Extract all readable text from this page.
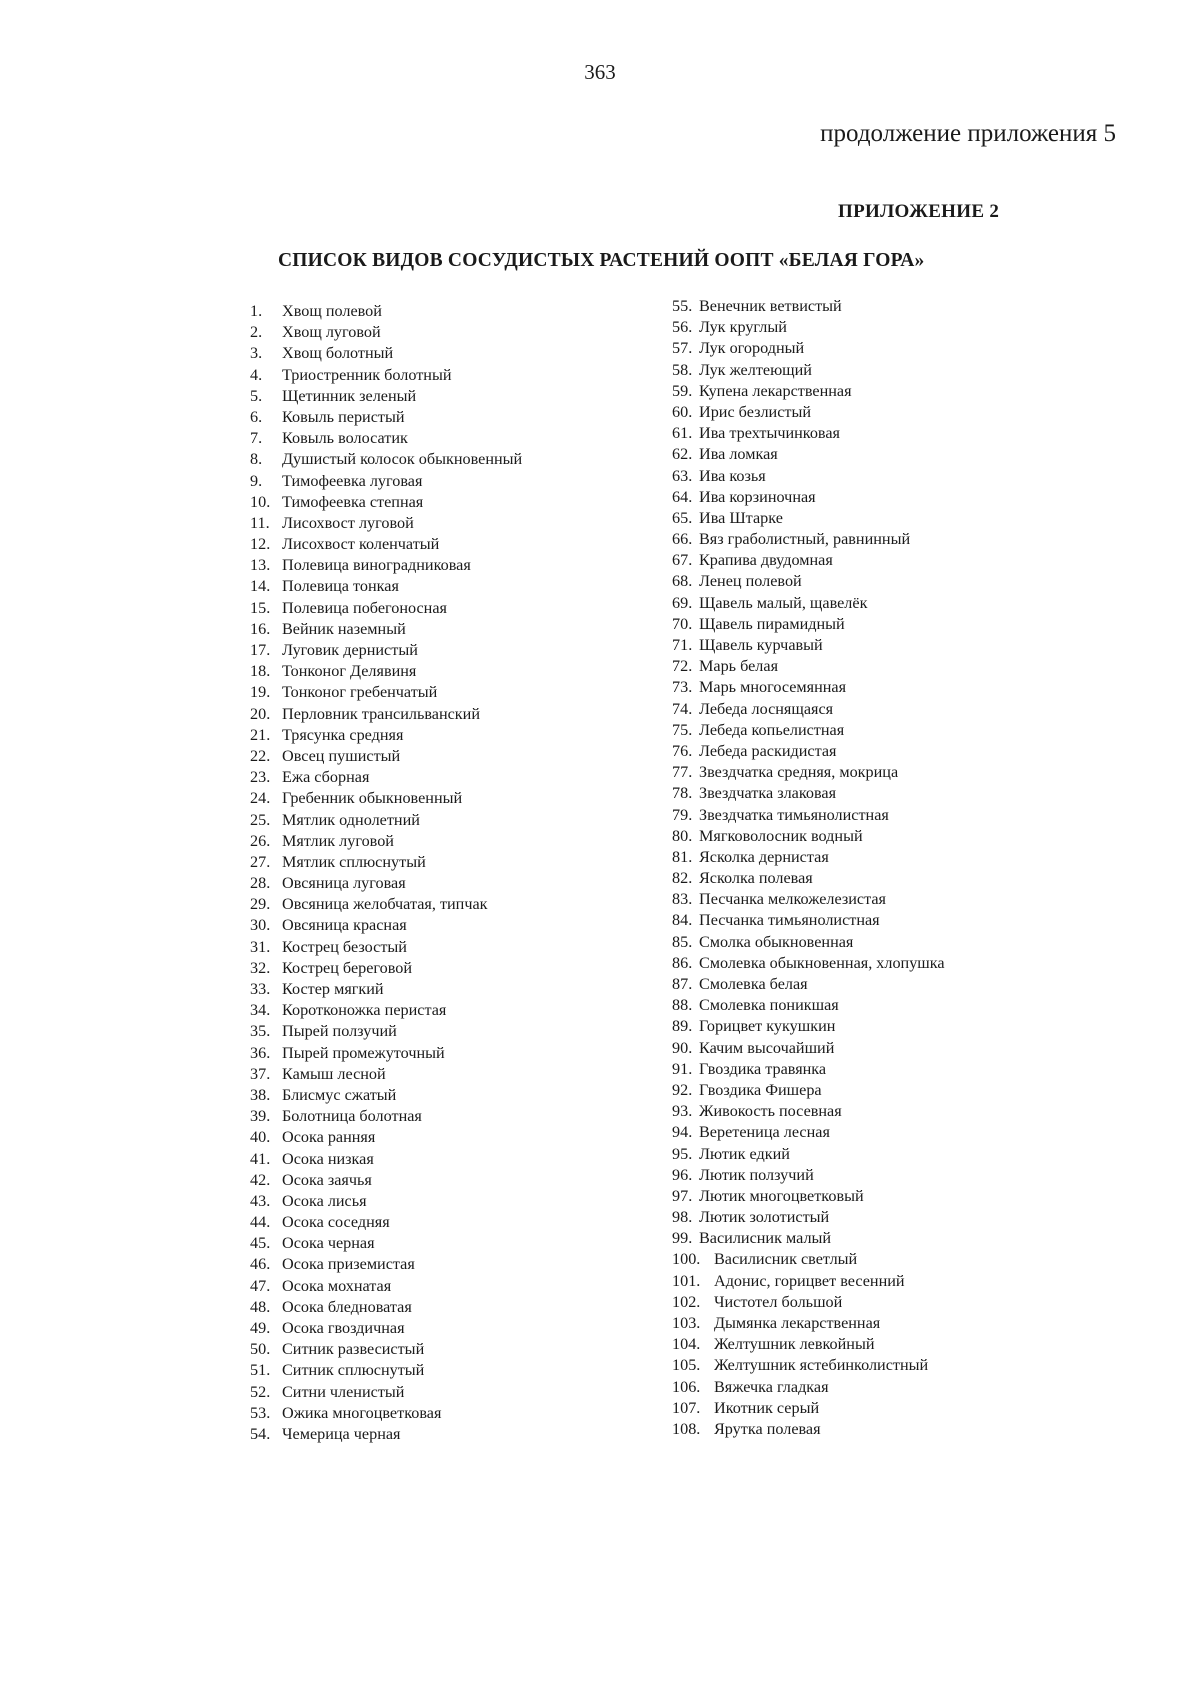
363
продолжение приложения 5
ПРИЛОЖЕНИЕ 2
СПИСОК ВИДОВ СОСУДИСТЫХ РАСТЕНИЙ ООПТ «БЕЛАЯ ГОРА»
1. Хвощ полевой
2. Хвощ луговой
3. Хвощ болотный
4. Триостренник болотный
5. Щетинник зеленый
6. Ковыль перистый
7. Ковыль волосатик
8. Душистый колосок обыкновенный
9. Тимофеевка луговая
10. Тимофеевка степная
11. Лисохвост луговой
12. Лисохвост коленчатый
13. Полевица виноградниковая
14. Полевица тонкая
15. Полевица побегоносная
16. Вейник наземный
17. Луговик дернистый
18. Тонконог Делявиня
19. Тонконог гребенчатый
20. Перловник трансильванский
21. Трясунка средняя
22. Овсец пушистый
23. Ежа сборная
24. Гребенник обыкновенный
25. Мятлик однолетний
26. Мятлик луговой
27. Мятлик сплюснутый
28. Овсяница луговая
29. Овсяница желобчатая, типчак
30. Овсяница красная
31. Кострец безостый
32. Кострец береговой
33. Костер мягкий
34. Коротконожка перистая
35. Пырей ползучий
36. Пырей промежуточный
37. Камыш лесной
38. Блисмус сжатый
39. Болотница болотная
40. Осока ранняя
41. Осока низкая
42. Осока заячья
43. Осока лисья
44. Осока соседняя
45. Осока черная
46. Осока приземистая
47. Осока мохнатая
48. Осока бледноватая
49. Осока гвоздичная
50. Ситник развесистый
51. Ситник сплюснутый
52. Ситни членистый
53. Ожика многоцветковая
54. Чемерица черная
55. Венечник ветвистый
56. Лук круглый
57. Лук огородный
58. Лук желтеющий
59. Купена лекарственная
60. Ирис безлистый
61. Ива трехтычинковая
62. Ива ломкая
63. Ива козья
64. Ива корзиночная
65. Ива Штарке
66. Вяз граболистный, равнинный
67. Крапива двудомная
68. Ленец полевой
69. Щавель малый, щавелёк
70. Щавель пирамидный
71. Щавель курчавый
72. Марь белая
73. Марь многосемянная
74. Лебеда лоснящаяся
75. Лебеда копьелистная
76. Лебеда раскидистая
77. Звездчатка средняя, мокрица
78. Звездчатка злаковая
79. Звездчатка тимьянолистная
80. Мягковолосник водный
81. Ясколка дернистая
82. Ясколка полевая
83. Песчанка мелкожелезистая
84. Песчанка тимьянолистная
85. Смолка обыкновенная
86. Смолевка обыкновенная, хлопушка
87. Смолевка белая
88. Смолевка поникшая
89. Горицвет кукушкин
90. Качим высочайший
91. Гвоздика травянка
92. Гвоздика Фишера
93. Живокость посевная
94. Веретеница лесная
95. Лютик едкий
96. Лютик ползучий
97. Лютик многоцветковый
98. Лютик золотистый
99. Василисник малый
100. Василисник светлый
101. Адонис, горицвет весенний
102. Чистотел большой
103. Дымянка лекарственная
104. Желтушник левкойный
105. Желтушник ястебинколистный
106. Вяжечка гладкая
107. Икотник серый
108. Ярутка полевая
